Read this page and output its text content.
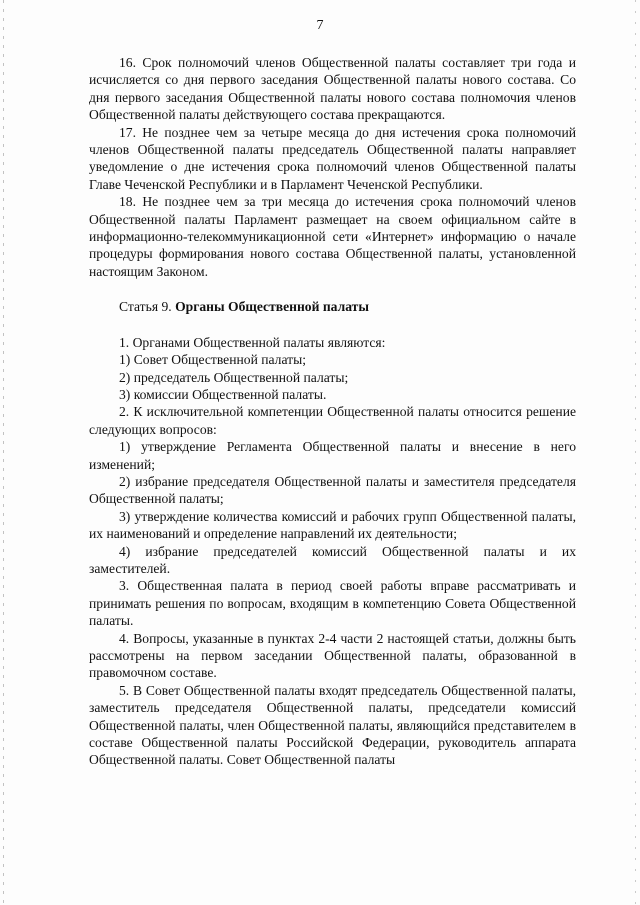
7

16. Срок полномочий членов Общественной палаты составляет три года и исчисляется со дня первого заседания Общественной палаты нового состава. Со дня первого заседания Общественной палаты нового состава полномочия членов Общественной палаты действующего состава прекращаются.

17. Не позднее чем за четыре месяца до дня истечения срока полномочий членов Общественной палаты председатель Общественной палаты направляет уведомление о дне истечения срока полномочий членов Общественной палаты Главе Чеченской Республики и в Парламент Чеченской Республики.

18. Не позднее чем за три месяца до истечения срока полномочий членов Общественной палаты Парламент размещает на своем официальном сайте в информационно-телекоммуникационной сети «Интернет» информацию о начале процедуры формирования нового состава Общественной палаты, установленной настоящим Законом.

Статья 9. Органы Общественной палаты

1. Органами Общественной палаты являются:

1) Совет Общественной палаты;

2) председатель Общественной палаты;

3) комиссии Общественной палаты.

2. К исключительной компетенции Общественной палаты относится решение следующих вопросов:

1) утверждение Регламента Общественной палаты и внесение в него изменений;

2) избрание председателя Общественной палаты и заместителя председателя Общественной палаты;

3) утверждение количества комиссий и рабочих групп Общественной палаты, их наименований и определение направлений их деятельности;

4) избрание председателей комиссий Общественной палаты и их заместителей.

3. Общественная палата в период своей работы вправе рассматривать и принимать решения по вопросам, входящим в компетенцию Совета Общественной палаты.

4. Вопросы, указанные в пунктах 2-4 части 2 настоящей статьи, должны быть рассмотрены на первом заседании Общественной палаты, образованной в правомочном составе.

5. В Совет Общественной палаты входят председатель Общественной палаты, заместитель председателя Общественной палаты, председатели комиссий Общественной палаты, член Общественной палаты, являющийся представителем в составе Общественной палаты Российской Федерации, руководитель аппарата Общественной палаты. Совет Общественной палаты
